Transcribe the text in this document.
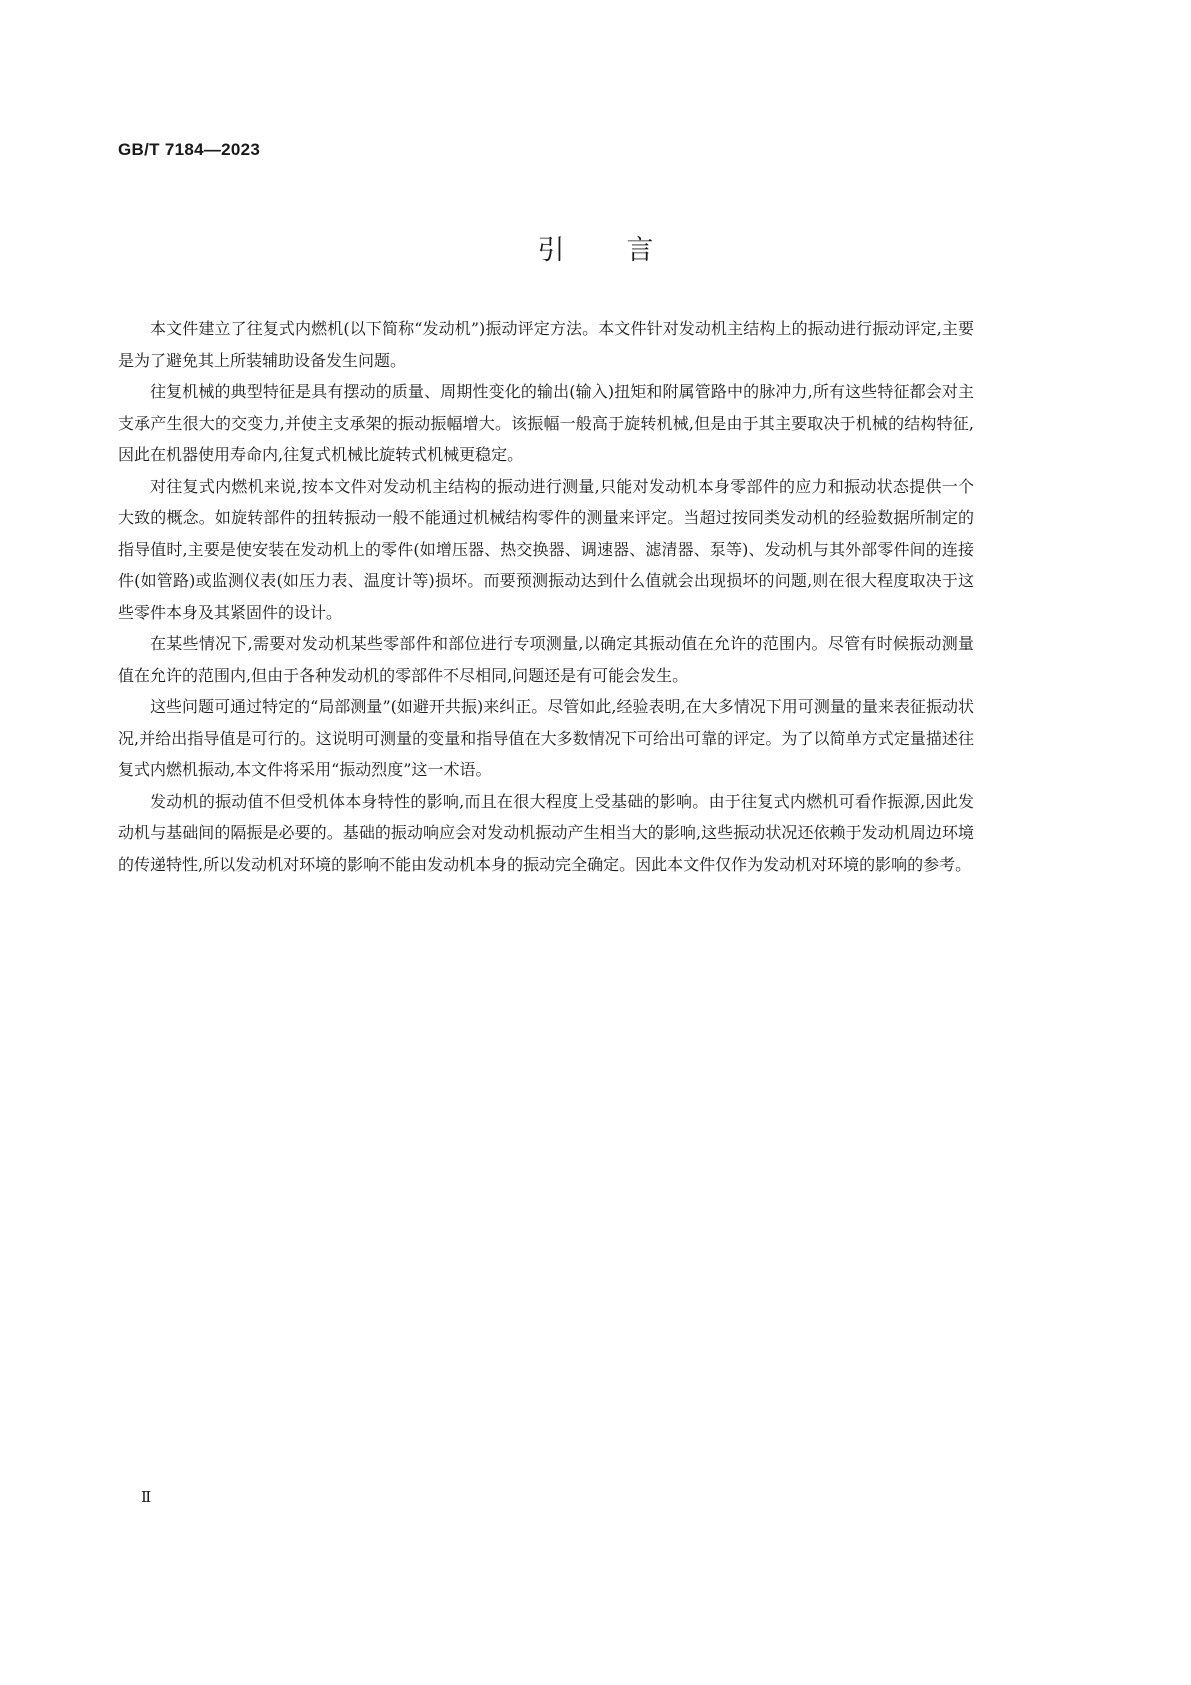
GB/T 7184—2023
引言

本文件建立了往复式内燃机(以下简称“发动机”)振动评定方法。本文件针对发动机主结构上的振动进行振动评定,主要是为了避免其上所装辅助设备发生问题。

往复机械的典型特征是具有摆动的质量、周期性变化的输出(输入)扭矩和附属管路中的脉冲力,所有这些特征都会对主支承产生很大的交变力,并使主支承架的振动振幅增大。该振幅一般高于旋转机械,但是由于其主要取决于机械的结构特征,因此在机器使用寿命内,往复式机械比旋转式机械更稳定。

对往复式内燃机来说,按本文件对发动机主结构的振动进行测量,只能对发动机本身零部件的应力和振动状态提供一个大致的概念。如旋转部件的扭转振动一般不能通过机械结构零件的测量来评定。当超过按同类发动机的经验数据所制定的指导值时,主要是使安装在发动机上的零件(如增压器、热交换器、调速器、滤清器、泵等)、发动机与其外部零件间的连接件(如管路)或监测仪表(如压力表、温度计等)损坏。而要预测振动达到什么值就会出现损坏的问题,则在很大程度取决于这些零件本身及其紧固件的设计。

在某些情况下,需要对发动机某些零部件和部位进行专项测量,以确定其振动值在允许的范围内。尽管有时候振动测量值在允许的范围内,但由于各种发动机的零部件不尽相同,问题还是有可能会发生。

这些问题可通过特定的“局部测量”(如避开共振)来纠正。尽管如此,经验表明,在大多情况下用可测量的量来表征振动状况,并给出指导值是可行的。这说明可测量的变量和指导值在大多数情况下可给出可靠的评定。为了以简单方式定量描述往复式内燃机振动,本文件将采用“振动烈度”这一术语。

发动机的振动值不但受机体本身特性的影响,而且在很大程度上受基础的影响。由于往复式内燃机可看作振源,因此发动机与基础间的隔振是必要的。基础的振动响应会对发动机振动产生相当大的影响,这些振动状况还依赖于发动机周边环境的传递特性,所以发动机对环境的影响不能由发动机本身的振动完全确定。因此本文件仅作为发动机对环境的影响的参考。

Ⅱ
